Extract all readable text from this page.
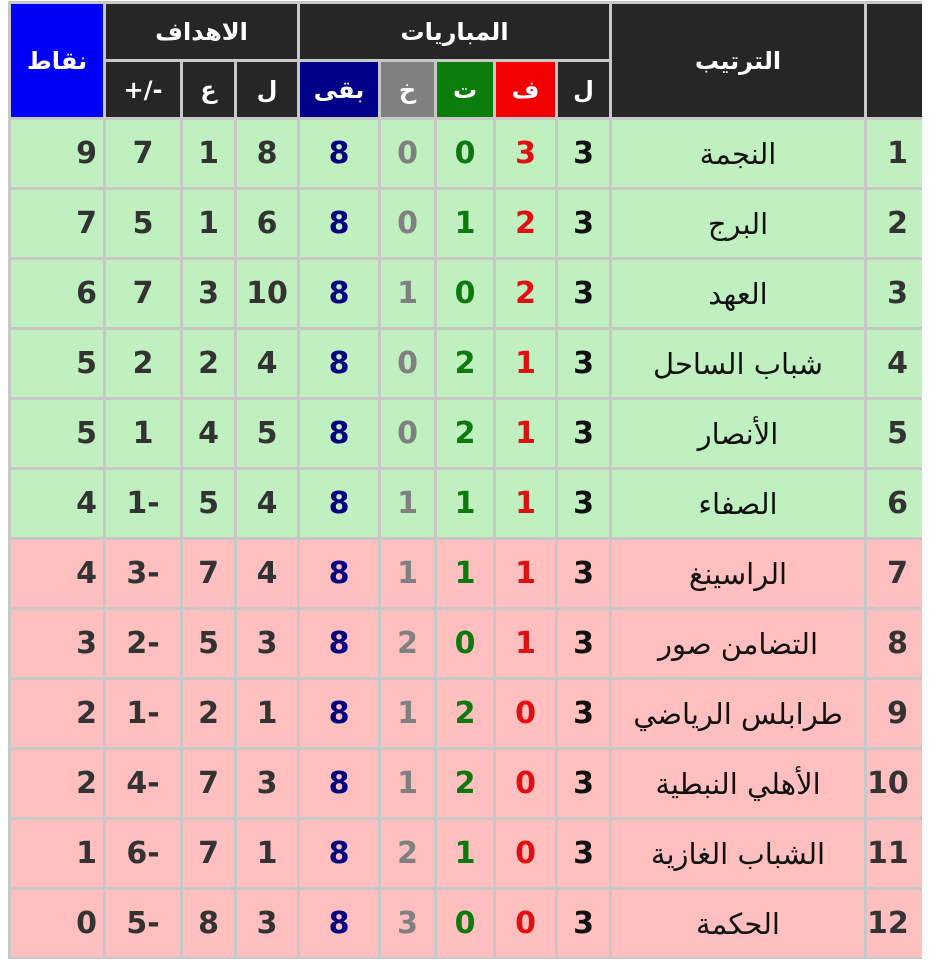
نقاط	الاهداف			المباريات					الترتيب	
	+/-	ع	ل	بقى	خ	ت	ف	ل		
9	7	1	8	8	0	0	3	3	النجمة	1
7	5	1	6	8	0	1	2	3	البرج	2
6	7	3	10	8	1	0	2	3	العهد	3
5	2	2	4	8	0	2	1	3	شباب الساحل	4
5	1	4	5	8	0	2	1	3	الأنصار	5
4	1-	5	4	8	1	1	1	3	الصفاء	6
4	3-	7	4	8	1	1	1	3	الراسينغ	7
3	2-	5	3	8	2	0	1	3	التضامن صور	8
2	1-	2	1	8	1	2	0	3	طرابلس الرياضي	9
2	4-	7	3	8	1	2	0	3	الأهلي النبطية	10
1	6-	7	1	8	2	1	0	3	الشباب الغازية	11
0	5-	8	3	8	3	0	0	3	الحكمة	12
